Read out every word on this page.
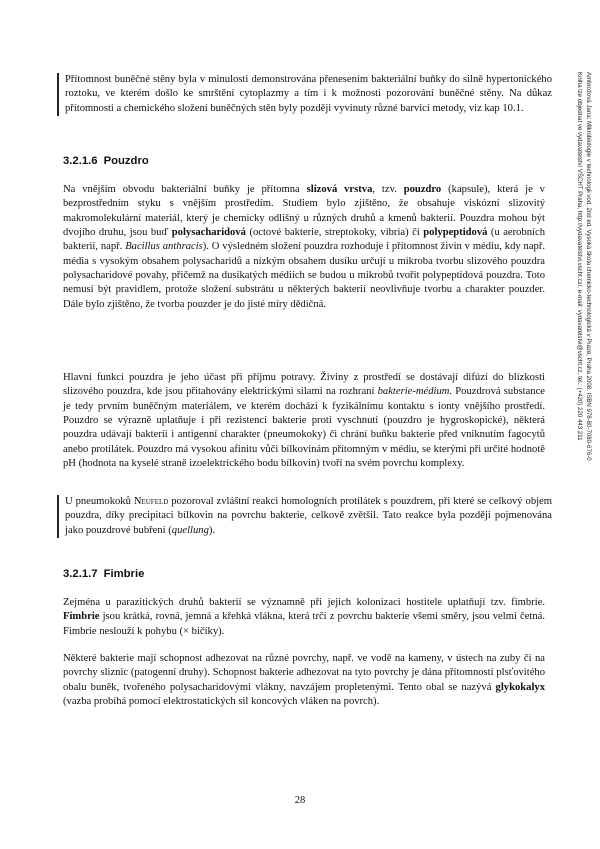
Přítomnost buněčné stěny byla v minulosti demonstrována přenesením bakteriální buňky do silně hypertonického roztoku, ve kterém došlo ke smrštění cytoplazmy a tím i k možnosti pozorování buněčné stěny. Na důkaz přítomnosti a chemického složení buněčných stěn byly později vyvinuty různé barvicí metody, viz kap 10.1.
3.2.1.6 Pouzdro

Na vnějším obvodu bakteriální buňky je přítomna slizová vrstva, tzv. pouzdro (kapsule), která je v bezprostředním styku s vnějším prostředím. Studiem bylo zjištěno, že obsahuje viskózní slizovitý makromolekulární materiál, který je chemicky odlišný u různých druhů a kmenů bakterií. Pouzdra mohou být dvojího druhu, jsou buď polysacharidová (octové bakterie, streptokoky, vibria) či polypeptidová (u aerobních bakterií, např. Bacillus anthracis). O výsledném složení pouzdra rozhoduje i přítomnost živin v médiu, kdy např. média s vysokým obsahem polysacharidů a nízkým obsahem dusíku určují u mikroba tvorbu slizového pouzdra polysacharidové povahy, přičemž na dusíkatých médiích se budou u mikrobů tvořit polypeptidová pouzdra. Toto nemusí být pravidlem, protože složení substrátu u některých bakterií neovlivňuje tvorbu a charakter pouzder. Dále bylo zjištěno, že tvorba pouzder je do jisté míry dědičná.

Hlavní funkcí pouzdra je jeho účast při příjmu potravy. Živiny z prostředí se dostávají difúzí do blízkosti slizového pouzdra, kde jsou přitahovány elektrickými silami na rozhraní bakterie-médium. Pouzdrová substance je tedy prvním buněčným materiálem, ve kterém dochází k fyzikálnímu kontaktu s ionty vnějšího prostředí. Pouzdro se výrazně uplatňuje i při rezistenci bakterie proti vyschnutí (pouzdro je hygroskopické), některá pouzdra udávají bakterii i antigenní charakter (pneumokoky) či chrání buňku bakterie před vniknutím fagocytů anebo protilátek. Pouzdro má vysokou afinitu vůči bílkovinám přítomným v médiu, se kterými při určité hodnotě pH (hodnota na kyselé straně izoelektrického bodu bílkovin) tvoří na svém povrchu komplexy.

U pneumokoků Neufeld pozoroval zvláštní reakci homologních protilátek s pouzdrem, při které se celkový objem pouzdra, díky precipitaci bílkovin na povrchu bakterie, celkově zvětšil. Tato reakce byla později pojmenována jako pouzdrové bubření (quellung).
3.2.1.7 Fimbrie

Zejména u parazitických druhů bakterií se významně při jejich kolonizaci hostitele uplatňují tzv. fimbrie. Fimbrie jsou krátká, rovná, jemná a křehká vlákna, která trčí z povrchu bakterie všemi směry, jsou velmi četná. Fimbrie neslouží k pohybu (× bičíky).

Některé bakterie mají schopnost adhezovat na různé povrchy, např. ve vodě na kameny, v ústech na zuby či na povrchy sliznic (patogenní druhy). Schopnost bakterie adhezovat na tyto povrchy je dána přítomností plsťovitého obalu buněk, tvořeného polysacharidovými vlákny, navzájem propletenými. Tento obal se nazývá glykokalyx (vazba probíhá pomocí elektrostatických sil koncových vláken na povrch).

Ambrožová Jana: Mikrobiologie v technologii vod. 2nd ed. Vysoká škola chemicko-technologická v Praze, Praha 2008. ISBN 978-80-7080-676-0
Kniha lze objednat ve vydavatelství VŠCHT Praha, http://vydavatelstvi.vscht.cz/, e-mail: vydavatelstvi@vscht.cz, tel.: (+420) 220 443 211
28
